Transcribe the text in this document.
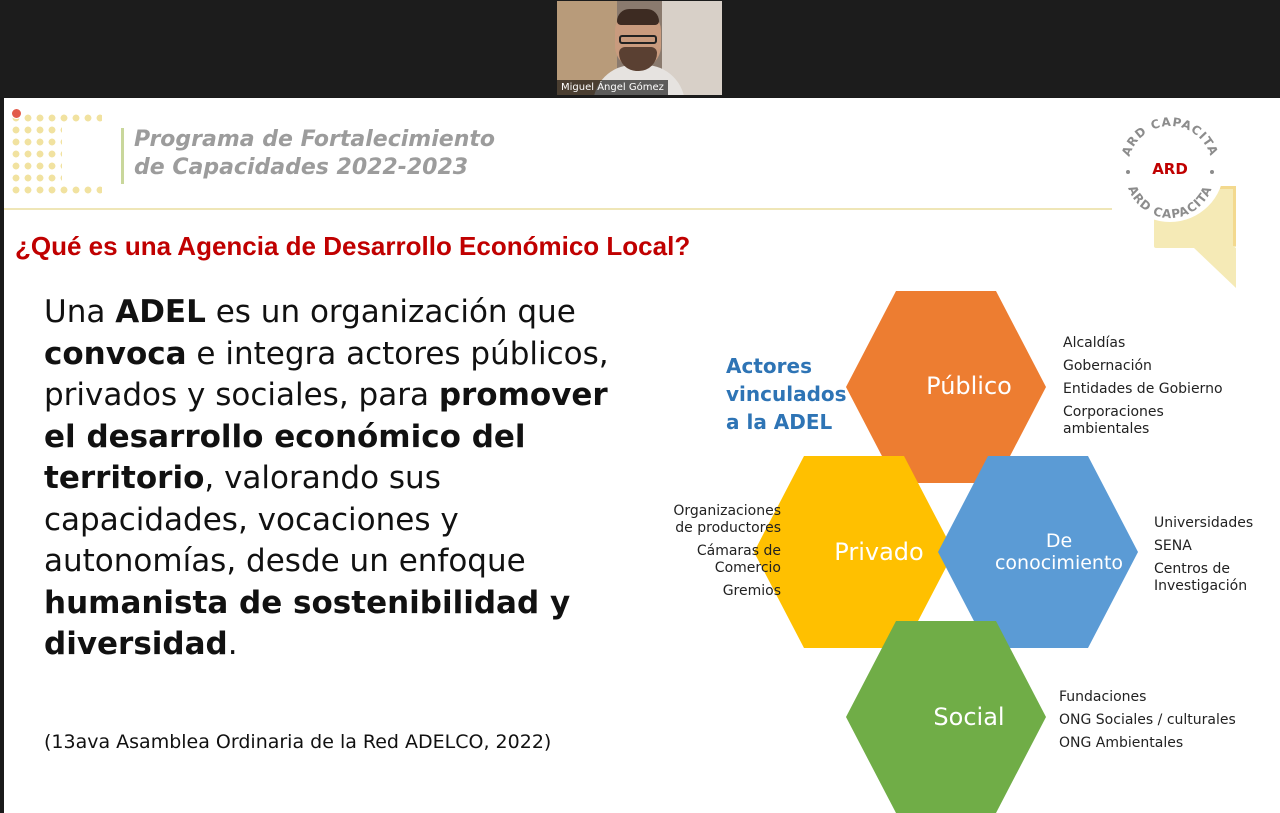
Miguel Ángel Gómez
Programa de Fortalecimiento
de Capacidades 2022-2023
ARD CAPACITA
ARD CAPACITA
ARD
¿Qué es una Agencia de Desarrollo Económico Local?
Una ADEL es un organización que convoca e integra actores públicos, privados y sociales, para promover el desarrollo económico del territorio, valorando sus capacidades, vocaciones y autonomías, desde un enfoque humanista de sostenibilidad y diversidad.
(13ava Asamblea Ordinaria de la Red ADELCO, 2022)
Actores
vinculados
a la ADEL
Público
Privado	De
conocimiento
Social
Alcaldías
Gobernación
Entidades de Gobierno
Corporaciones
ambientales
Organizaciones
de productores
Cámaras de
Comercio
Gremios
Universidades
SENA
Centros de
Investigación
Fundaciones
ONG Sociales / culturales
ONG Ambientales
